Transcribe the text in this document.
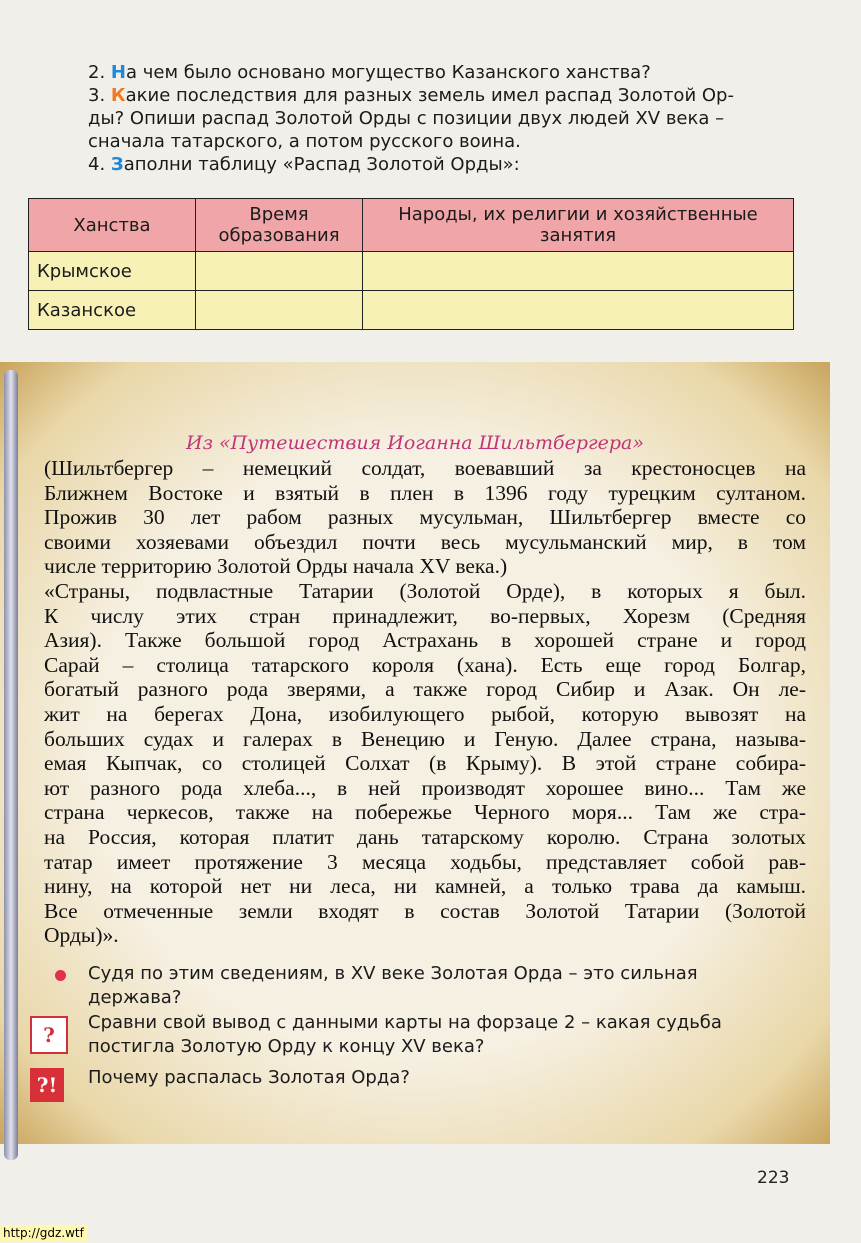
2. На чем было основано могущество Казанского ханства?
3. Какие последствия для разных земель имел распад Золотой Ор-
ды? Опиши распад Золотой Орды с позиции двух людей XV века –
сначала татарского, а потом русского воина.
4. Заполни таблицу «Распад Золотой Орды»:
Ханства	Время образования	Народы, их религии и хозяйственные занятия
Крымское		
Казанское		
Из «Путешествия Иоганна Шильтбергера»
(Шильтбергер – немецкий солдат, воевавший за крестоносцев на
Ближнем Востоке и взятый в плен в 1396 году турецким султаном.
Прожив 30 лет рабом разных мусульман, Шильтбергер вместе со
своими хозяевами объездил почти весь мусульманский мир, в том
числе территорию Золотой Орды начала XV века.)
«Страны, подвластные Татарии (Золотой Орде), в которых я был.
К числу этих стран принадлежит, во-первых, Хорезм (Средняя
Азия). Также большой город Астрахань в хорошей стране и город
Сарай – столица татарского короля (хана). Есть еще город Болгар,
богатый разного рода зверями, а также город Сибир и Азак. Он ле-
жит на берегах Дона, изобилующего рыбой, которую вывозят на
больших судах и галерах в Венецию и Геную. Далее страна, называ-
емая Кыпчак, со столицей Солхат (в Крыму). В этой стране собира-
ют разного рода хлеба..., в ней производят хорошее вино... Там же
страна черкесов, также на побережье Черного моря... Там же стра-
на Россия, которая платит дань татарскому королю. Страна золотых
татар имеет протяжение 3 месяца ходьбы, представляет собой рав-
нину, на которой нет ни леса, ни камней, а только трава да камыш.
Все отмеченные земли входят в состав Золотой Татарии (Золотой
Орды)».
?
?!
Судя по этим сведениям, в XV веке Золотая Орда – это сильная
держава?
Сравни свой вывод с данными карты на форзаце 2 – какая судьба
постигла Золотую Орду к концу XV века?
Почему распалась Золотая Орда?
223
http://gdz.wtf
